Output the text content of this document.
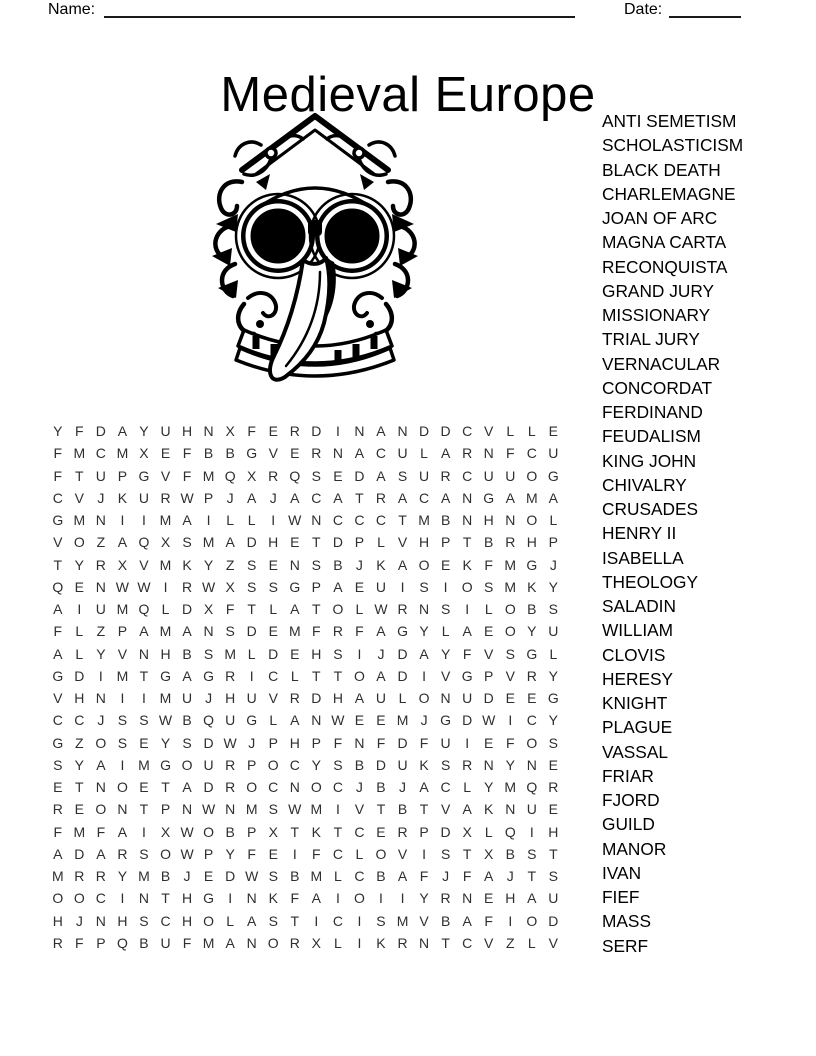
Name:	Date:
Medieval Europe ANTI SEMETISM
SCHOLASTICISM
BLACK DEATH
CHARLEMAGNE
JOAN OF ARC
MAGNA CARTA
RECONQUISTA
GRAND JURY
MISSIONARY
TRIAL JURY
VERNACULAR
CONCORDAT
FERDINAND
FEUDALISM
KING JOHN
CHIVALRY
CRUSADES
HENRY II
ISABELLA
THEOLOGY
SALADIN
WILLIAM
CLOVIS
HERESY
KNIGHT
PLAGUE
VASSAL
FRIAR
FJORD
GUILD
MANOR
IVAN
FIEF
MASS
SERF
Y F D A Y U H N X F E R D	I	N A N D D C V L L E
F M C M X E F B B G V E R N A C U L A R N F C U
F T U P G V F M Q X R Q S E D A S U R C U U O G
C V J K U R W P J A J A C A T R A C A N G A M A
G M N	I	I M A	I	L L	I W N C C C T M B N H N O L
V O Z A Q X S M A D H E T D P L V H P T B R H P
T Y R X V M K Y Z S E N S B J K A O E K F M G J
Q E N W W I	R W X S S G P A E U	I	S	I	O S M K Y
A	I	U M Q L D X F T L A T O L W R N S	I	L O B S
F L Z P A M A N S D E M F R F A G Y L A E O Y U
A L Y V N H B S M L D E H S	I	J D A Y F V S G L
G D	I M T G A G R	I	C L T T O A D	I	V G P V R Y
V H N	I	I M U J H U V R D H A U L O N U D E E G
C C J S S W B Q U G L A N W E E M J G D W I	C Y
G Z O S E Y S D W J P H P F N F D F U	I	E F O S
S Y A	I M G O U R P O C Y S B D U K S R N Y N E
E T N O E T A D R O C N O C J B J A C L Y M Q R
R E O N T P N W N M S W M I	V T B T V A K N U E
F M F A	I	X W O B P X T K T C E R P D X L Q	I	H
A D A R S O W P Y F E	I	F C L O V	I	S T X B S T
M R R Y M B J E D W S B M L C B A F J F A J T S
O O C	I	N T H G	I	N K F A	I	O	I	I	Y R N E H A U
H J N H S C H O L A S T	I	C	I	S M V B A F	I	O D
R F P Q B U F M A N O R X L	I	K R N T C V Z L V
